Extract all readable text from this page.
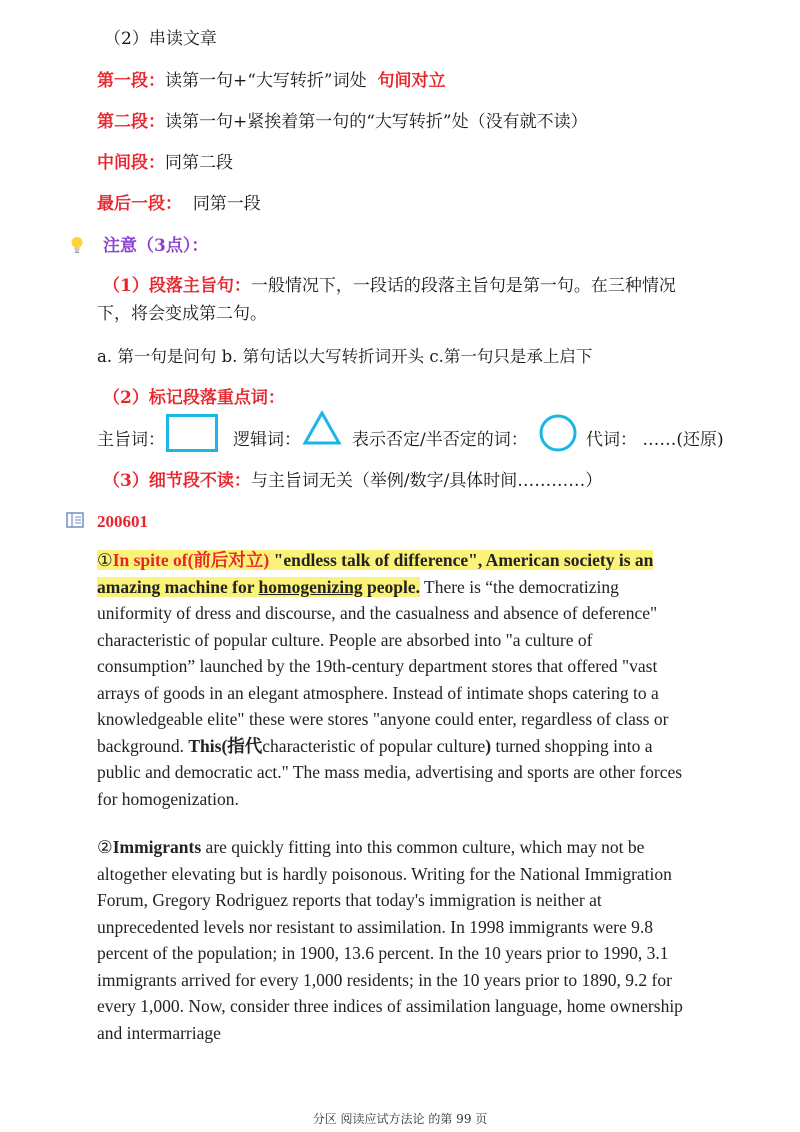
（2）串读文章
第一段：读第一句+“大写转折”词处 句间对立
第二段：读第一句+紧挨着第一句的“大写转折”处（没有就不读）
中间段：同第二段
最后一段： 同第一段
注意（3点）：
（1）段落主旨句：一般情况下，一段话的段落主旨句是第一句。在三种情况
下，将会变成第二句。
a. 第一句是问句 b. 第句话以大写转折词开头 c.第一句只是承上启下
（2）标记段落重点词：
主旨词：	逻辑词：	表示否定/半否定的词： ○ 代词： ……(还原)
（3）细节段不读：与主旨词无关（举例/数字/具体时间…………）
200601
①In spite of(前后对立) "endless talk of difference", American society is an
amazing machine for homogenizing people. There is “the democratizing
uniformity of dress and discourse, and the casualness and absence of deference"
characteristic of popular culture. People are absorbed into "a culture of
consumption” launched by the 19th-century department stores that offered "vast
arrays of goods in an elegant atmosphere. Instead of intimate shops catering to a
knowledgeable elite" these were stores "anyone could enter, regardless of class or
background. This(指代characteristic of popular culture) turned shopping into a
public and democratic act." The mass media, advertising and sports are other forces
for homogenization.
②Immigrants are quickly fitting into this common culture, which may not be
altogether elevating but is hardly poisonous. Writing for the National Immigration
Forum, Gregory Rodriguez reports that today's immigration is neither at
unprecedented levels nor resistant to assimilation. In 1998 immigrants were 9.8
percent of the population; in 1900, 13.6 percent. In the 10 years prior to 1990, 3.1
immigrants arrived for every 1,000 residents; in the 10 years prior to 1890, 9.2 for
every 1,000. Now, consider three indices of assimilation language, home ownership
and intermarriage
分区 阅读应试方法论 的第 99 页
